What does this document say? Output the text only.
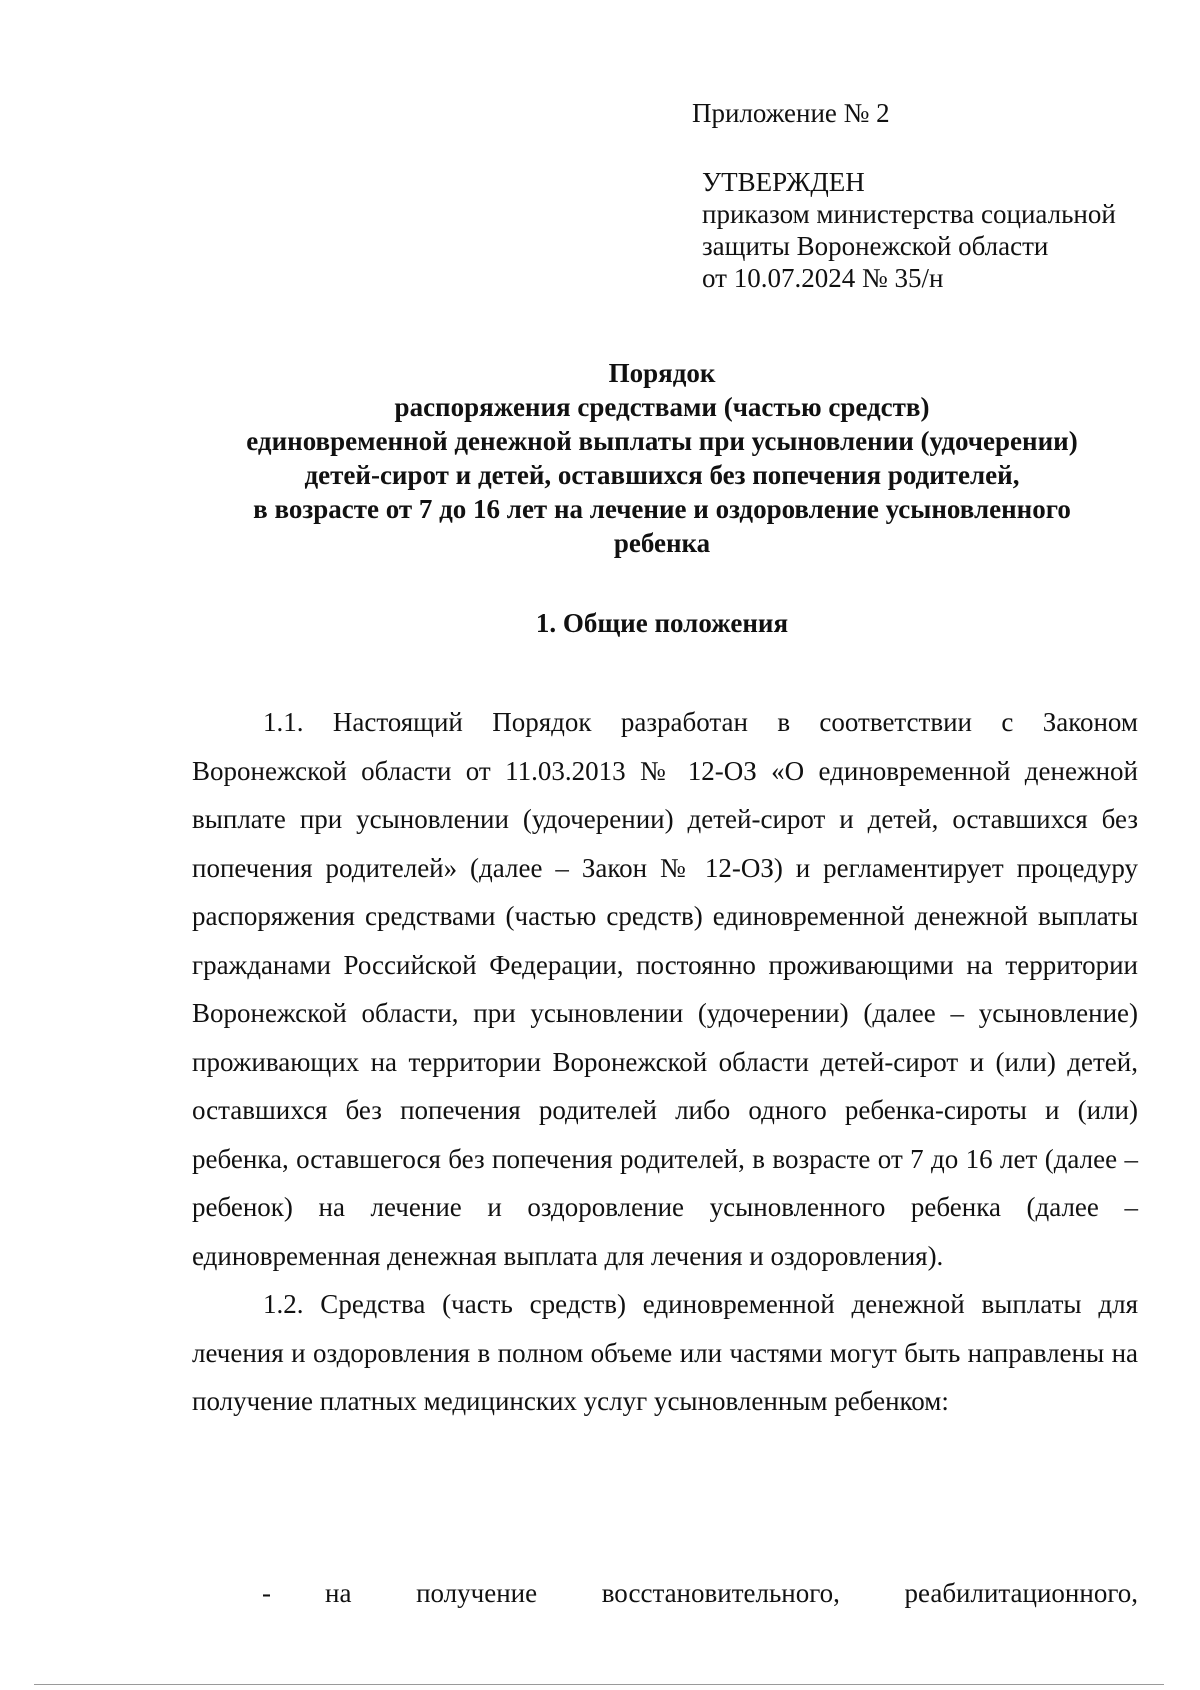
Приложение № 2
УТВЕРЖДЕН
приказом министерства социальной
защиты Воронежской области
от 10.07.2024 № 35/н
Порядок
распоряжения средствами (частью средств)
единовременной денежной выплаты при усыновлении (удочерении)
детей-сирот и детей, оставшихся без попечения родителей,
в возрасте от 7 до 16 лет на лечение и оздоровление усыновленного
ребенка
1. Общие положения

1.1. Настоящий Порядок разработан в соответствии с Законом Воронежской области от 11.03.2013 № 12-ОЗ «О единовременной денежной выплате при усыновлении (удочерении) детей-сирот и детей, оставшихся без попечения родителей» (далее – Закон № 12-ОЗ) и регламентирует процедуру распоряжения средствами (частью средств) единовременной денежной выплаты гражданами Российской Федерации, постоянно проживающими на территории Воронежской области, при усыновлении (удочерении) (далее – усыновление) проживающих на территории Воронежской области детей-сирот и (или) детей, оставшихся без попечения родителей либо одного ребенка-сироты и (или) ребенка, оставшегося без попечения родителей, в возрасте от 7 до 16 лет (далее – ребенок) на лечение и оздоровление усыновленного ребенка (далее – единовременная денежная выплата для лечения и оздоровления).

1.2. Средства (часть средств) единовременной денежной выплаты для лечения и оздоровления в полном объеме или частями могут быть направлены на получение платных медицинских услуг усыновленным ребенком:

- на получение восстановительного, реабилитационного,
